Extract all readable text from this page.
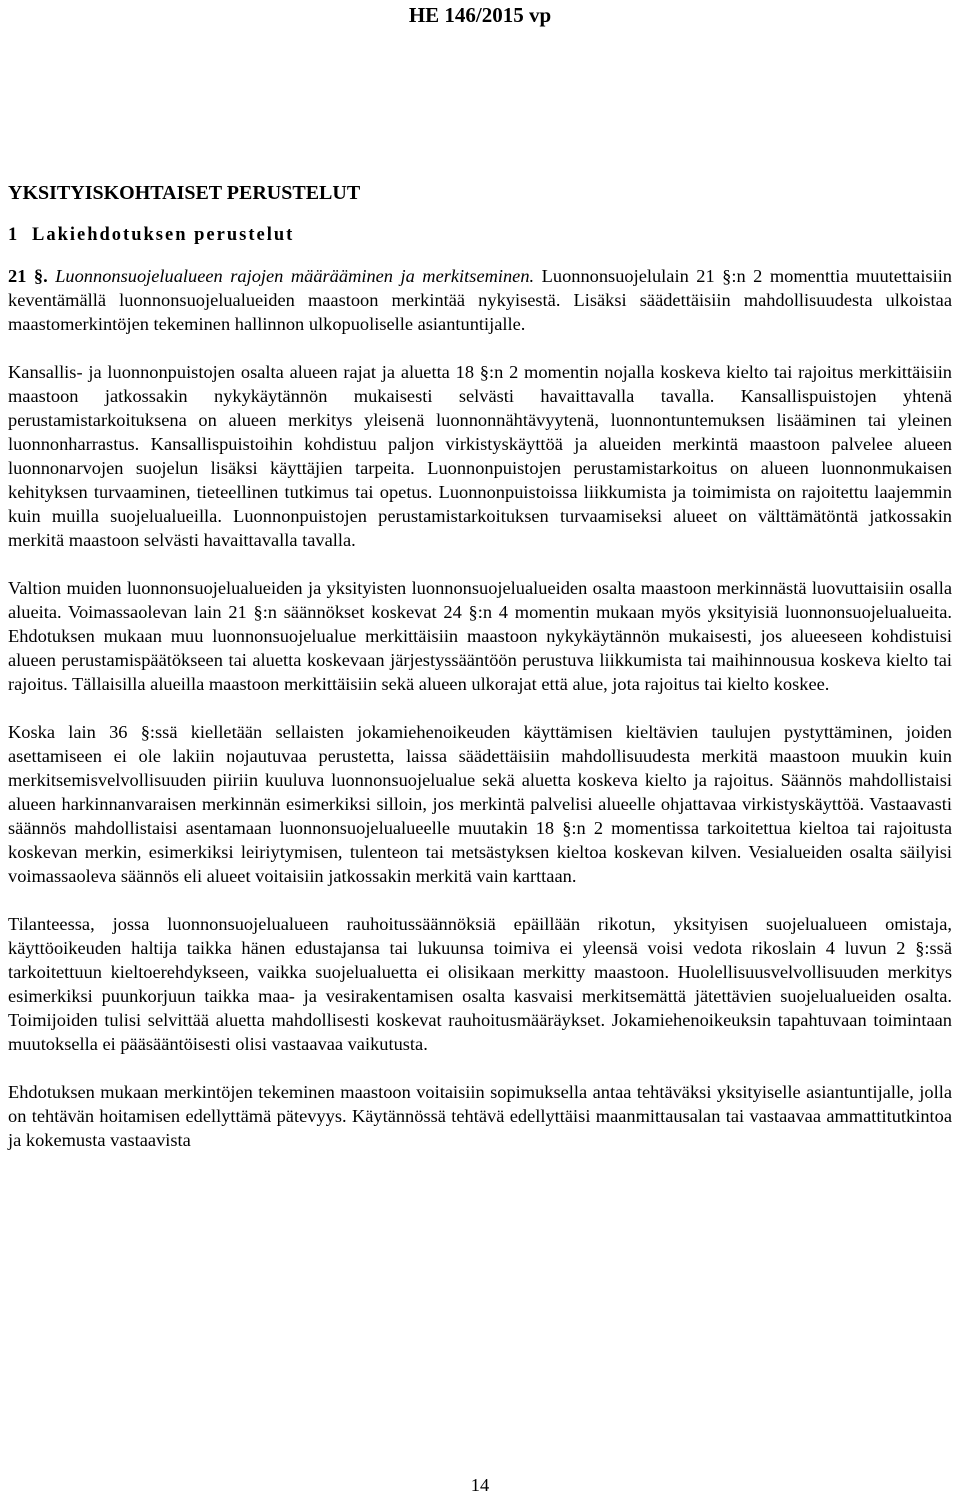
HE 146/2015 vp
YKSITYISKOHTAISET PERUSTELUT
1 Lakiehdotuksen perustelut

21 §. Luonnonsuojelualueen rajojen määrääminen ja merkitseminen. Luonnonsuojelulain 21 §:n 2 momenttia muutettaisiin keventämällä luonnonsuojelualueiden maastoon merkintää nykyisestä. Lisäksi säädettäisiin mahdollisuudesta ulkoistaa maastomerkintöjen tekeminen hallinnon ulkopuoliselle asiantuntijalle.

Kansallis- ja luonnonpuistojen osalta alueen rajat ja aluetta 18 §:n 2 momentin nojalla koskeva kielto tai rajoitus merkittäisiin maastoon jatkossakin nykykäytännön mukaisesti selvästi havaittavalla tavalla. Kansallispuistojen yhtenä perustamistarkoituksena on alueen merkitys yleisenä luonnonnähtävyytenä, luonnontuntemuksen lisääminen tai yleinen luonnonharrastus. Kansallispuistoihin kohdistuu paljon virkistyskäyttöä ja alueiden merkintä maastoon palvelee alueen luonnonarvojen suojelun lisäksi käyttäjien tarpeita. Luonnonpuistojen perustamistarkoitus on alueen luonnonmukaisen kehityksen turvaaminen, tieteellinen tutkimus tai opetus. Luonnonpuistoissa liikkumista ja toimimista on rajoitettu laajemmin kuin muilla suojelualueilla. Luonnonpuistojen perustamistarkoituksen turvaamiseksi alueet on välttämätöntä jatkossakin merkitä maastoon selvästi havaittavalla tavalla.

Valtion muiden luonnonsuojelualueiden ja yksityisten luonnonsuojelualueiden osalta maastoon merkinnästä luovuttaisiin osalla alueita. Voimassaolevan lain 21 §:n säännökset koskevat 24 §:n 4 momentin mukaan myös yksityisiä luonnonsuojelualueita. Ehdotuksen mukaan muu luonnonsuojelualue merkittäisiin maastoon nykykäytännön mukaisesti, jos alueeseen kohdistuisi alueen perustamispäätökseen tai aluetta koskevaan järjestyssääntöön perustuva liikkumista tai maihinnousua koskeva kielto tai rajoitus. Tällaisilla alueilla maastoon merkittäisiin sekä alueen ulkorajat että alue, jota rajoitus tai kielto koskee.

Koska lain 36 §:ssä kielletään sellaisten jokamiehenoikeuden käyttämisen kieltävien taulujen pystyttäminen, joiden asettamiseen ei ole lakiin nojautuvaa perustetta, laissa säädettäisiin mahdollisuudesta merkitä maastoon muukin kuin merkitsemisvelvollisuuden piiriin kuuluva luonnonsuojelualue sekä aluetta koskeva kielto ja rajoitus. Säännös mahdollistaisi alueen harkinnanvaraisen merkinnän esimerkiksi silloin, jos merkintä palvelisi alueelle ohjattavaa virkistyskäyttöä. Vastaavasti säännös mahdollistaisi asentamaan luonnonsuojelualueelle muutakin 18 §:n 2 momentissa tarkoitettua kieltoa tai rajoitusta koskevan merkin, esimerkiksi leiriytymisen, tulenteon tai metsästyksen kieltoa koskevan kilven. Vesialueiden osalta säilyisi voimassaoleva säännös eli alueet voitaisiin jatkossakin merkitä vain karttaan.

Tilanteessa, jossa luonnonsuojelualueen rauhoitussäännöksiä epäillään rikotun, yksityisen suojelualueen omistaja, käyttöoikeuden haltija taikka hänen edustajansa tai lukuunsa toimiva ei yleensä voisi vedota rikoslain 4 luvun 2 §:ssä tarkoitettuun kieltoerehdykseen, vaikka suojelualuetta ei olisikaan merkitty maastoon. Huolellisuusvelvollisuuden merkitys esimerkiksi puunkorjuun taikka maa- ja vesirakentamisen osalta kasvaisi merkitsemättä jätettävien suojelualueiden osalta. Toimijoiden tulisi selvittää aluetta mahdollisesti koskevat rauhoitusmääräykset. Jokamiehenoikeuksin tapahtuvaan toimintaan muutoksella ei pääsääntöisesti olisi vastaavaa vaikutusta.

Ehdotuksen mukaan merkintöjen tekeminen maastoon voitaisiin sopimuksella antaa tehtäväksi yksityiselle asiantuntijalle, jolla on tehtävän hoitamisen edellyttämä pätevyys. Käytännössä tehtävä edellyttäisi maanmittausalan tai vastaavaa ammattitutkintoa ja kokemusta vastaavista

14
